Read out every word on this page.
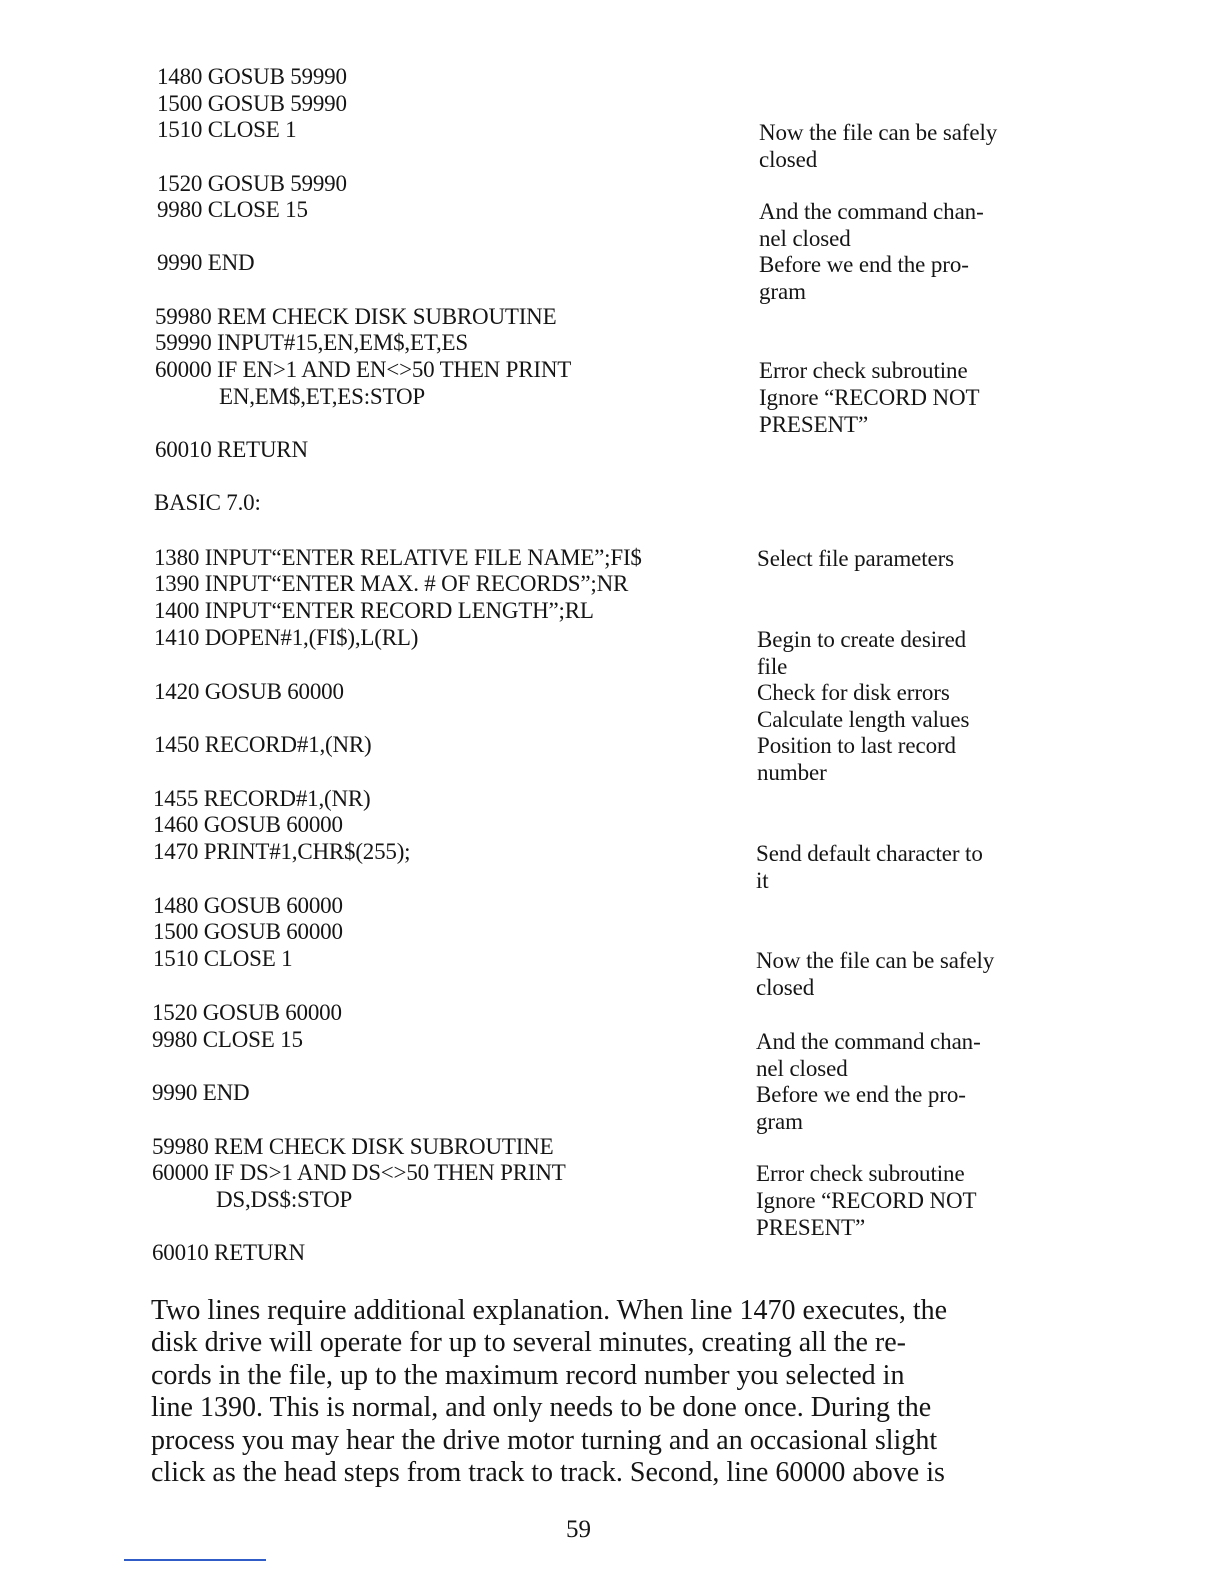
1480 GOSUB 59990
1500 GOSUB 59990
1510 CLOSE 1
1520 GOSUB 59990
9980 CLOSE 15
9990 END
59980 REM CHECK DISK SUBROUTINE
59990 INPUT#15,EN,EM$,ET,ES
60000 IF EN>1 AND EN<>50 THEN PRINT
EN,EM$,ET,ES:STOP
60010 RETURN
Now the file can be safely
closed
And the command chan-
nel closed
Before we end the pro-
gram
Error check subroutine
Ignore “RECORD NOT
PRESENT”
BASIC 7.0:
1380 INPUT“ENTER RELATIVE FILE NAME”;FI$
1390 INPUT“ENTER MAX. # OF RECORDS”;NR
1400 INPUT“ENTER RECORD LENGTH”;RL
1410 DOPEN#1,(FI$),L(RL)
1420 GOSUB 60000
1450 RECORD#1,(NR)
1455 RECORD#1,(NR)
1460 GOSUB 60000
1470 PRINT#1,CHR$(255);
1480 GOSUB 60000
1500 GOSUB 60000
1510 CLOSE 1
1520 GOSUB 60000
9980 CLOSE 15
9990 END
59980 REM CHECK DISK SUBROUTINE
60000 IF DS>1 AND DS<>50 THEN PRINT
DS,DS$:STOP
60010 RETURN
Select file parameters
Begin to create desired
file
Check for disk errors
Calculate length values
Position to last record
number
Send default character to
it
Now the file can be safely
closed
And the command chan-
nel closed
Before we end the pro-
gram
Error check subroutine
Ignore “RECORD NOT
PRESENT”
Two lines require additional explanation. When line 1470 executes, the
disk drive will operate for up to several minutes, creating all the re-
cords in the file, up to the maximum record number you selected in
line 1390. This is normal, and only needs to be done once. During the
process you may hear the drive motor turning and an occasional slight
click as the head steps from track to track. Second, line 60000 above is
59
